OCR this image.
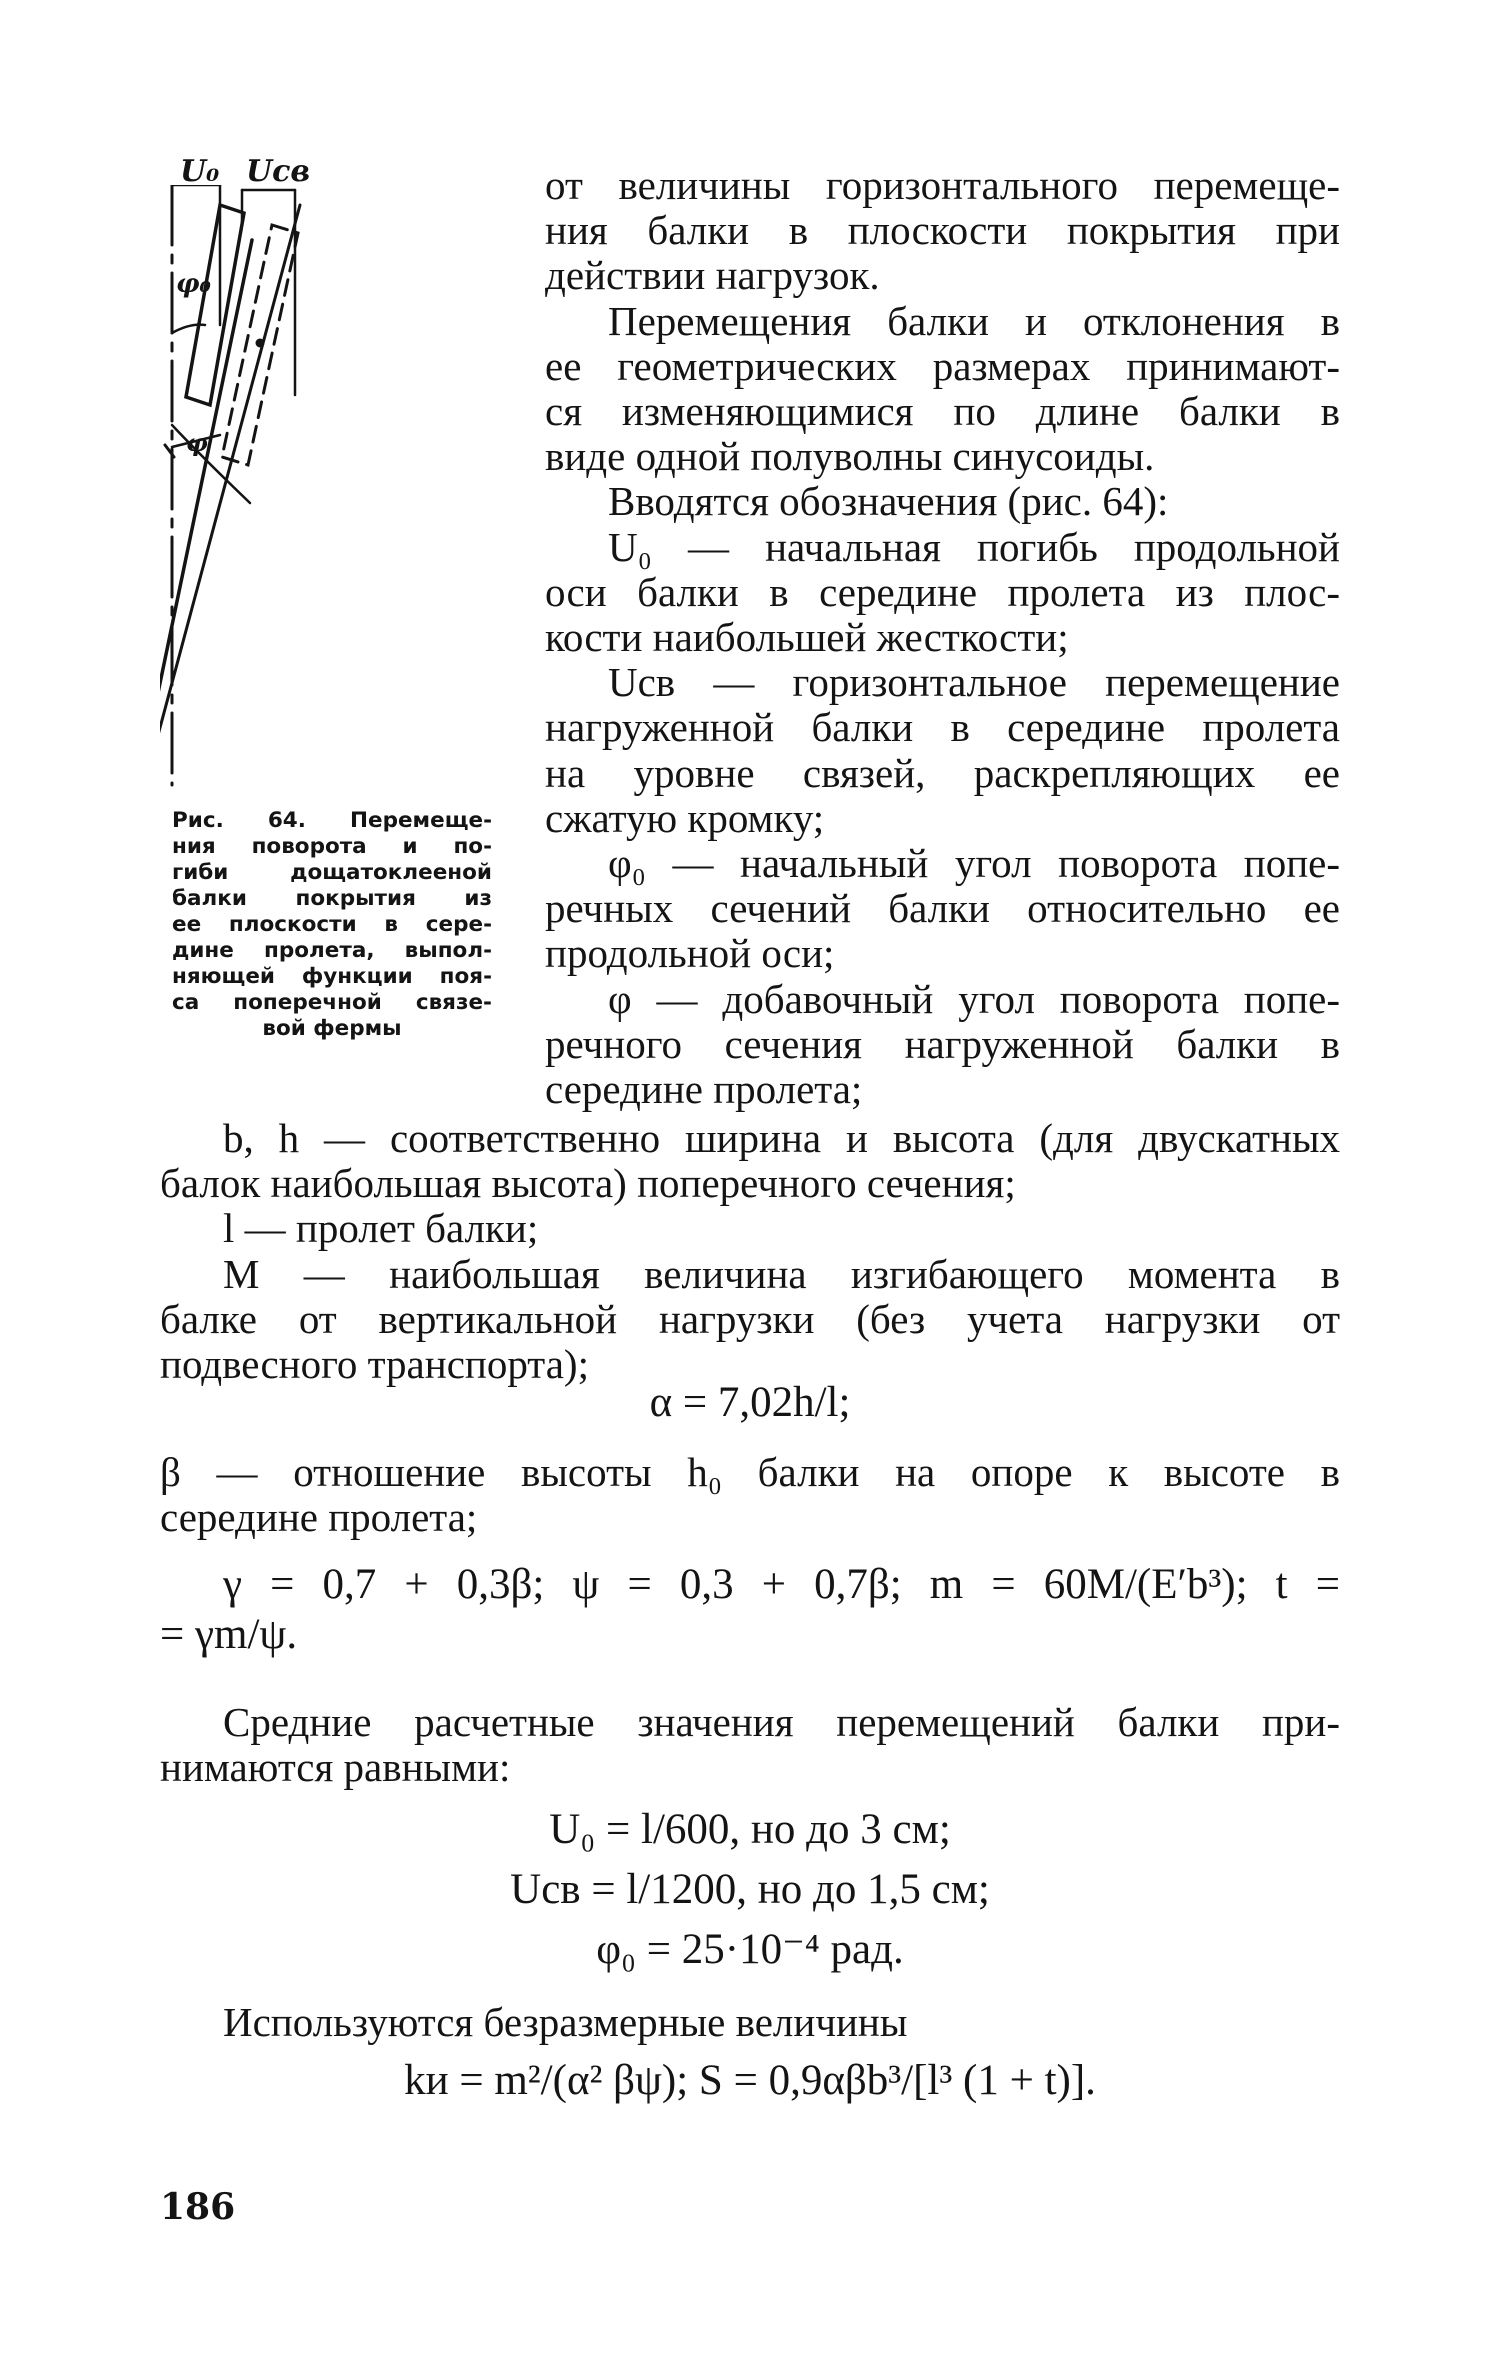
U₀ Uсв
φ₀
φ
Рис. 64. Перемеще-
ния поворота и по-
гиби дощатоклееной
балки покрытия из
ее плоскости в сере-
дине пролета, выпол-
няющей функции поя-
са поперечной связе-
вой фермы
от величины горизонтального перемеще-
ния балки в плоскости покрытия при
действии нагрузок.
Перемещения балки и отклонения в
ее геометрических размерах принимают-
ся изменяющимися по длине балки в
виде одной полуволны синусоиды.
Вводятся обозначения (рис. 64):
U₀ — начальная погибь продольной
оси балки в середине пролета из плос-
кости наибольшей жесткости;
Uсв — горизонтальное перемещение
нагруженной балки в середине пролета
на уровне связей, раскрепляющих ее
сжатую кромку;
φ₀ — начальный угол поворота попе-
речных сечений балки относительно ее
продольной оси;
φ — добавочный угол поворота попе-
речного сечения нагруженной балки в
середине пролета;
b, h — соответственно ширина и высота (для двускатных
балок наибольшая высота) поперечного сечения;
l — пролет балки;
M — наибольшая величина изгибающего момента в
балке от вертикальной нагрузки (без учета нагрузки от
подвесного транспорта);
α = 7,02h/l;
β — отношение высоты h₀ балки на опоре к высоте в
середине пролета;
γ = 0,7 + 0,3β; ψ = 0,3 + 0,7β; m = 60M/(E′b³); t =
= γm/ψ.
Средние расчетные значения перемещений балки при-
нимаются равными:
U₀ = l/600, но до 3 см;
Uсв = l/1200, но до 1,5 см;
φ₀ = 25·10⁻⁴ рад.
Используются безразмерные величины
kи = m²/(α² βψ); S = 0,9αβb³/[l³ (1 + t)].
186
